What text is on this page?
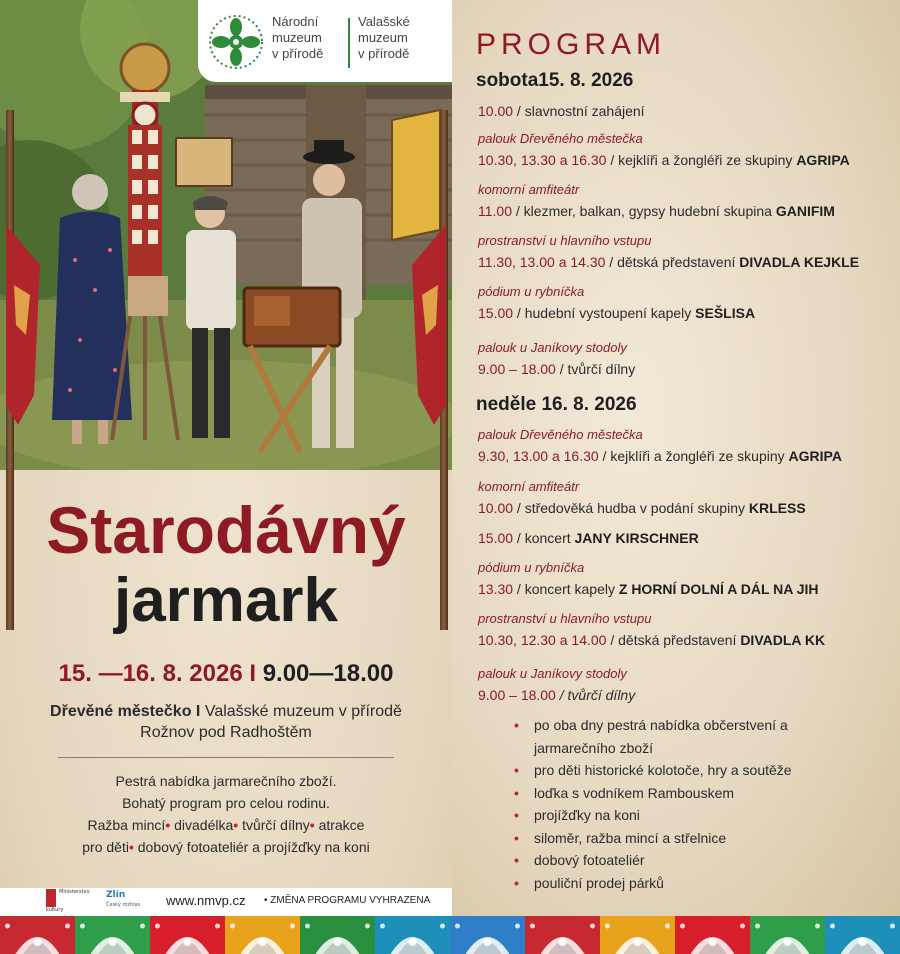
Národní
muzeum
v přírodě
Valašské
muzeum
v přírodě
Starodávný
jarmark
15. —16. 8. 2026 I 9.00—18.00
Dřevěné městečko I Valašské muzeum v přírodě
Rožnov pod Radhoštěm
Pestrá nabídka jarmarečního zboží.
Bohatý program pro celou rodinu.
Ražba mincí• divadélka• tvůrčí dílny• atrakce
pro děti• dobový fotoateliér a projížďky na koni
Ministerstvo kultury
Zlín
Český rozhlas www.nmvp.cz • ZMĚNA PROGRAMU VYHRAZENA
PROGRAM
sobota15. 8. 2026
10.00 / slavnostní zahájení
palouk Dřevěného městečka
10.30, 13.30 a 16.30 / kejklíři a žongléři ze skupiny AGRIPA
komorní amfiteátr
11.00 / klezmer, balkan, gypsy hudební skupina GANIFIM
prostranství u hlavního vstupu
11.30, 13.00 a 14.30 / dětská představení DIVADLA KEJKLE
pódium u rybníčka
15.00 / hudební vystoupení kapely SEŠLISA
palouk u Janíkovy stodoly
9.00 – 18.00 / tvůrčí dílny
neděle 16. 8. 2026
palouk Dřevěného městečka
9.30, 13.00 a 16.30 / kejklíři a žongléři ze skupiny AGRIPA
komorní amfiteátr
10.00 / středověká hudba v podání skupiny KRLESS
15.00 / koncert JANY KIRSCHNER
pódium u rybníčka
13.30 / koncert kapely Z HORNÍ DOLNÍ A DÁL NA JIH
prostranství u hlavního vstupu
10.30, 12.30 a 14.00 / dětská představení DIVADLA KK
palouk u Janíkovy stodoly
9.00 – 18.00 / tvůrčí dílny
• po oba dny pestrá nabídka občerstvení a jarmarečního zboží
• pro děti historické kolotoče, hry a soutěže
• loďka s vodníkem Rambouskem
• projížďky na koni
• siloměr, ražba mincí a střelnice
• dobový fotoateliér
• pouliční prodej párků
